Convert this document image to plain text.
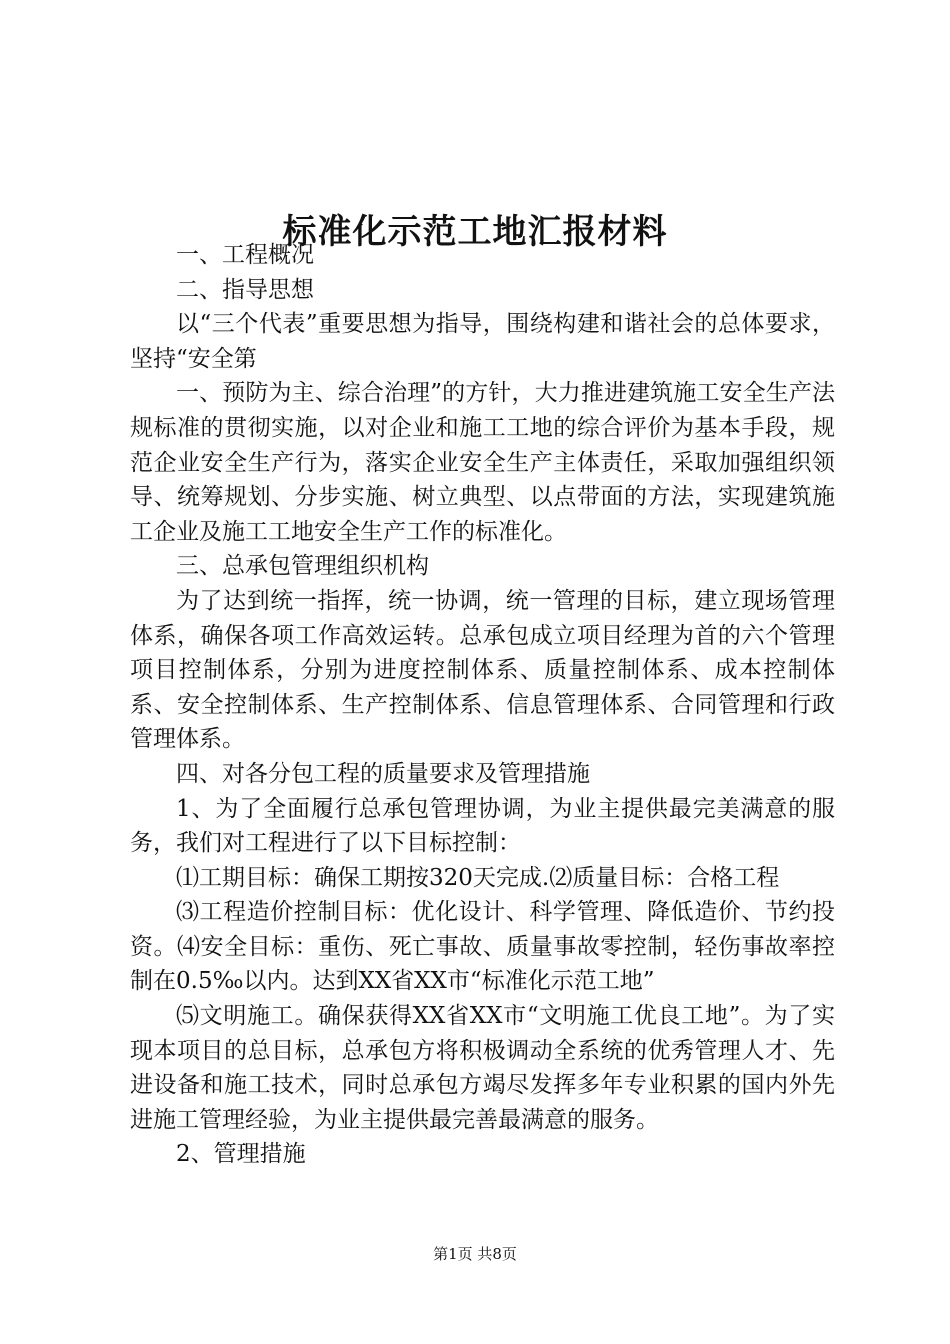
标准化示范工地汇报材料

一、工程概况

二、指导思想

以“三个代表”重要思想为指导，围绕构建和谐社会的总体要求，坚持“安全第

一、预防为主、综合治理”的方针，大力推进建筑施工安全生产法规标准的贯彻实施，以对企业和施工工地的综合评价为基本手段，规范企业安全生产行为，落实企业安全生产主体责任，采取加强组织领导、统筹规划、分步实施、树立典型、以点带面的方法，实现建筑施工企业及施工工地安全生产工作的标准化。

三、总承包管理组织机构

为了达到统一指挥，统一协调，统一管理的目标，建立现场管理体系，确保各项工作高效运转。总承包成立项目经理为首的六个管理项目控制体系，分别为进度控制体系、质量控制体系、成本控制体系、安全控制体系、生产控制体系、信息管理体系、合同管理和行政管理体系。

四、对各分包工程的质量要求及管理措施

1、为了全面履行总承包管理协调，为业主提供最完美满意的服务，我们对工程进行了以下目标控制：

⑴工期目标：确保工期按320天完成.⑵质量目标：合格工程

⑶工程造价控制目标：优化设计、科学管理、降低造价、节约投资。⑷安全目标：重伤、死亡事故、质量事故零控制，轻伤事故率控制在0.5‰以内。达到XX省XX市“标准化示范工地”

⑸文明施工。确保获得XX省XX市“文明施工优良工地”。为了实现本项目的总目标，总承包方将积极调动全系统的优秀管理人才、先进设备和施工技术，同时总承包方竭尽发挥多年专业积累的国内外先进施工管理经验，为业主提供最完善最满意的服务。

2、管理措施

第1页 共8页
